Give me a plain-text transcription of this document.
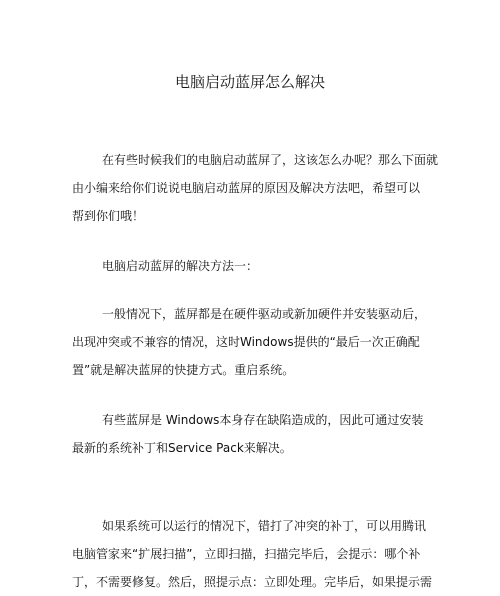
电脑启动蓝屏怎么解决
在有些时候我们的电脑启动蓝屏了，这该怎么办呢？那么下面就
由小编来给你们说说电脑启动蓝屏的原因及解决方法吧，希望可以
帮到你们哦！
电脑启动蓝屏的解决方法一：
一般情况下，蓝屏都是在硬件驱动或新加硬件并安装驱动后，
出现冲突或不兼容的情况，这时Windows提供的“最后一次正确配
置”就是解决蓝屏的快捷方式。重启系统。
有些蓝屏是 Windows本身存在缺陷造成的，因此可通过安装
最新的系统补丁和Service Pack来解决。
如果系统可以运行的情况下，错打了冲突的补丁，可以用腾讯
电脑管家来“扩展扫描”，立即扫描，扫描完毕后，会提示：哪个补
丁，不需要修复。然后，照提示点：立即处理。完毕后，如果提示需
